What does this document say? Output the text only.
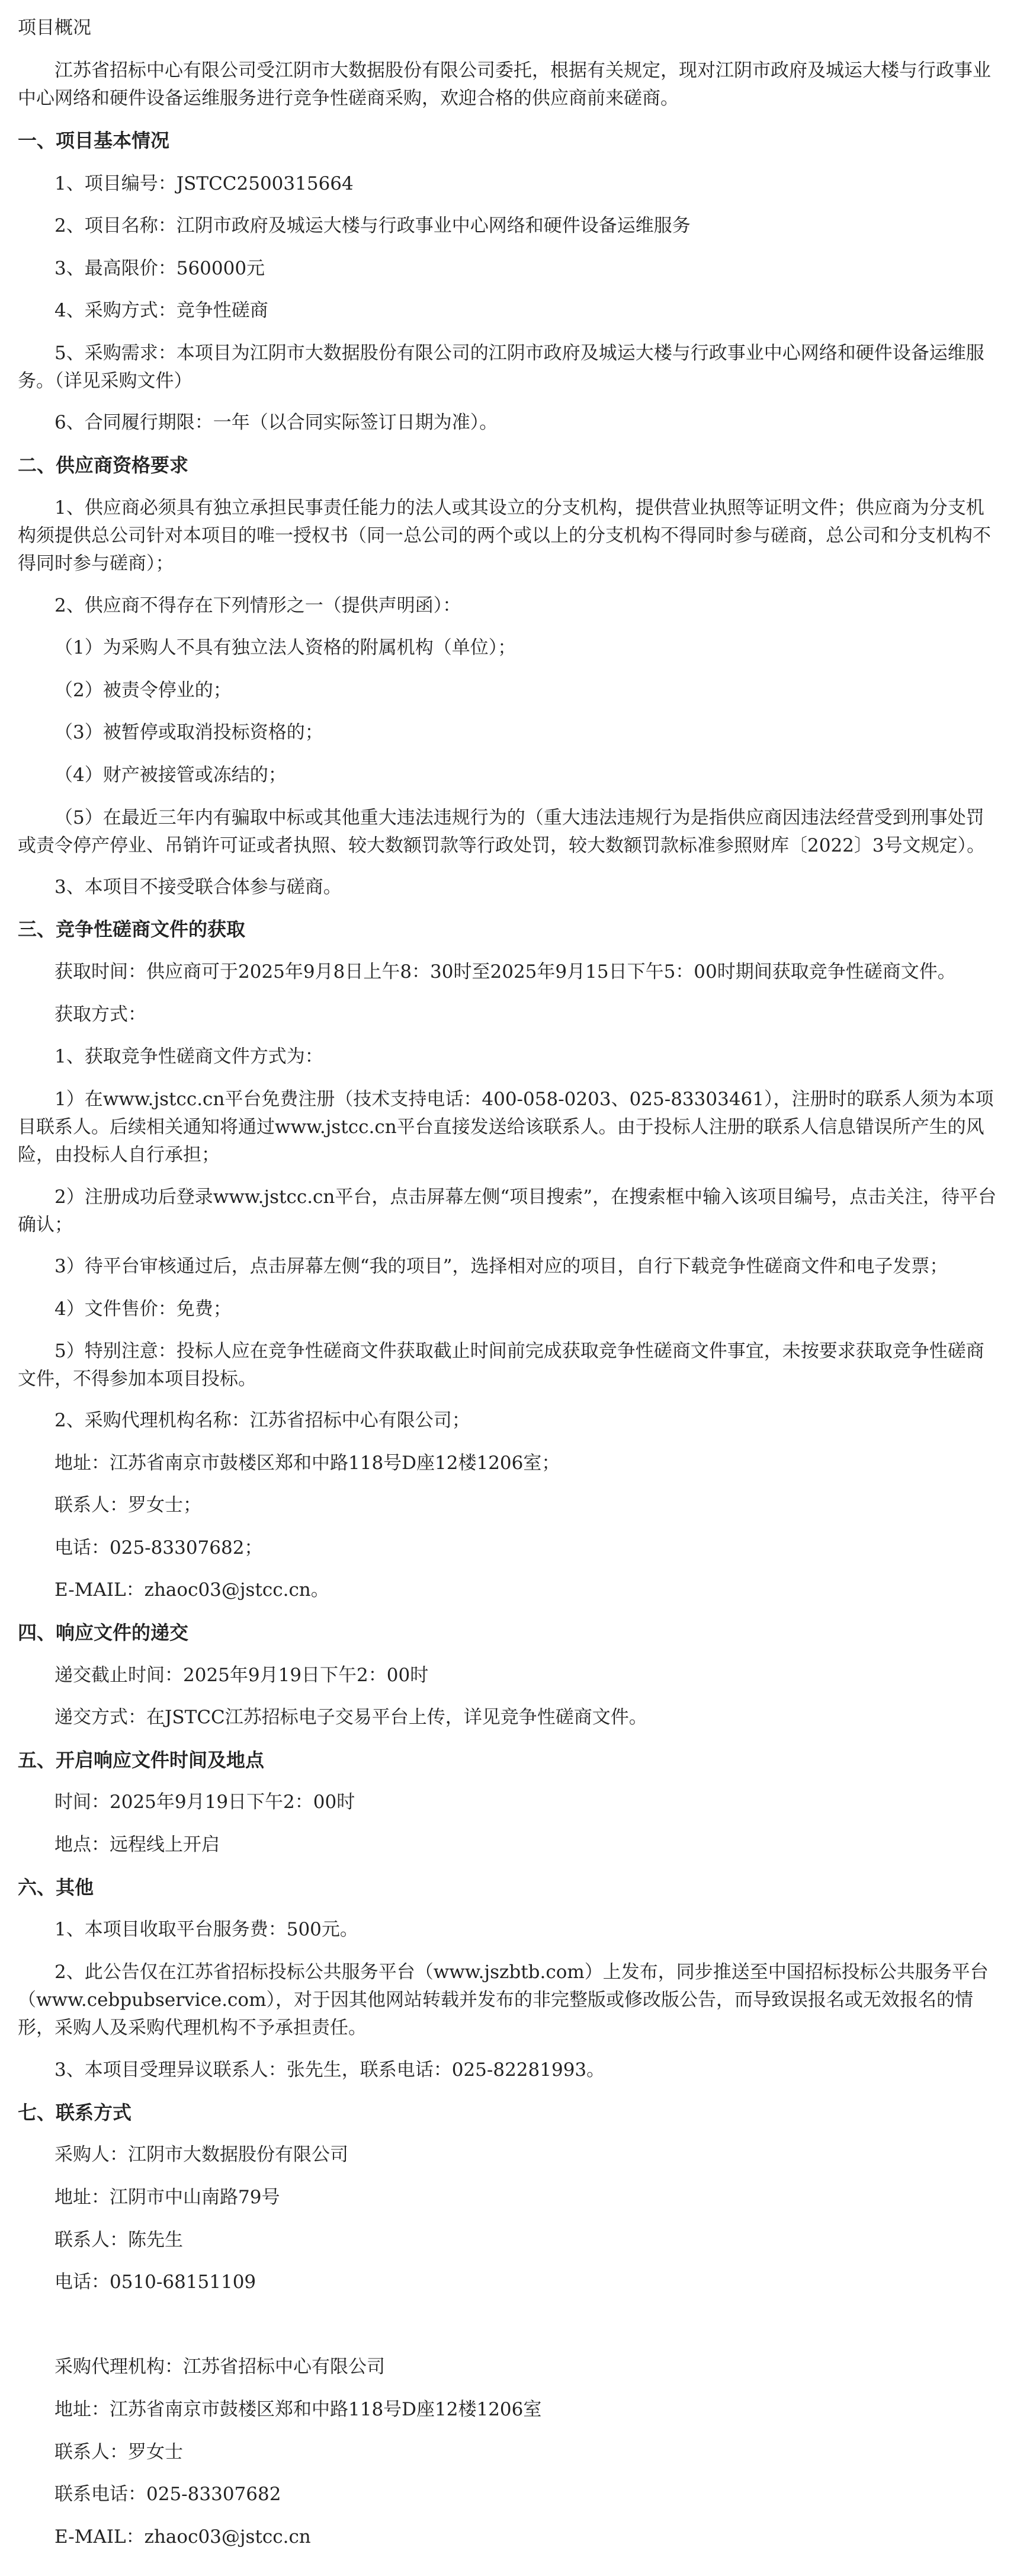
项目概况

江苏省招标中心有限公司受江阴市大数据股份有限公司委托，根据有关规定，现对江阴市政府及城运大楼与行政事业中心网络和硬件设备运维服务进行竞争性磋商采购，欢迎合格的供应商前来磋商。

一、项目基本情况

1、项目编号：JSTCC2500315664

2、项目名称：江阴市政府及城运大楼与行政事业中心网络和硬件设备运维服务

3、最高限价：560000元

4、采购方式：竞争性磋商

5、采购需求：本项目为江阴市大数据股份有限公司的江阴市政府及城运大楼与行政事业中心网络和硬件设备运维服务。（详见采购文件）

6、合同履行期限：一年（以合同实际签订日期为准）。

二、供应商资格要求

1、供应商必须具有独立承担民事责任能力的法人或其设立的分支机构，提供营业执照等证明文件；供应商为分支机构须提供总公司针对本项目的唯一授权书（同一总公司的两个或以上的分支机构不得同时参与磋商，总公司和分支机构不得同时参与磋商）；

2、供应商不得存在下列情形之一（提供声明函）：

（1）为采购人不具有独立法人资格的附属机构（单位）；

（2）被责令停业的；

（3）被暂停或取消投标资格的；

（4）财产被接管或冻结的；

（5）在最近三年内有骗取中标或其他重大违法违规行为的（重大违法违规行为是指供应商因违法经营受到刑事处罚或责令停产停业、吊销许可证或者执照、较大数额罚款等行政处罚，较大数额罚款标准参照财库〔2022〕3号文规定）。

3、本项目不接受联合体参与磋商。

三、竞争性磋商文件的获取

获取时间：供应商可于2025年9月8日上午8：30时至2025年9月15日下午5：00时期间获取竞争性磋商文件。

获取方式：

1、获取竞争性磋商文件方式为：

1）在www.jstcc.cn平台免费注册（技术支持电话：400-058-0203、025-83303461），注册时的联系人须为本项目联系人。后续相关通知将通过www.jstcc.cn平台直接发送给该联系人。由于投标人注册的联系人信息错误所产生的风险，由投标人自行承担；

2）注册成功后登录www.jstcc.cn平台，点击屏幕左侧“项目搜索”，在搜索框中输入该项目编号，点击关注，待平台确认；

3）待平台审核通过后，点击屏幕左侧“我的项目”，选择相对应的项目，自行下载竞争性磋商文件和电子发票；

4）文件售价：免费；

5）特别注意：投标人应在竞争性磋商文件获取截止时间前完成获取竞争性磋商文件事宜，未按要求获取竞争性磋商文件，不得参加本项目投标。

2、采购代理机构名称：江苏省招标中心有限公司；

地址：江苏省南京市鼓楼区郑和中路118号D座12楼1206室；

联系人：罗女士；

电话：025-83307682；

E-MAIL：zhaoc03@jstcc.cn。

四、响应文件的递交

递交截止时间：2025年9月19日下午2：00时

递交方式：在JSTCC江苏招标电子交易平台上传，详见竞争性磋商文件。

五、开启响应文件时间及地点

时间：2025年9月19日下午2：00时

地点：远程线上开启

六、其他

1、本项目收取平台服务费：500元。

2、此公告仅在江苏省招标投标公共服务平台（www.jszbtb.com）上发布，同步推送至中国招标投标公共服务平台（www.cebpubservice.com），对于因其他网站转载并发布的非完整版或修改版公告，而导致误报名或无效报名的情形，采购人及采购代理机构不予承担责任。

3、本项目受理异议联系人：张先生，联系电话：025-82281993。

七、联系方式

采购人：江阴市大数据股份有限公司

地址：江阴市中山南路79号

联系人：陈先生

电话：0510-68151109

采购代理机构：江苏省招标中心有限公司

地址：江苏省南京市鼓楼区郑和中路118号D座12楼1206室

联系人：罗女士

联系电话：025-83307682

E-MAIL：zhaoc03@jstcc.cn
